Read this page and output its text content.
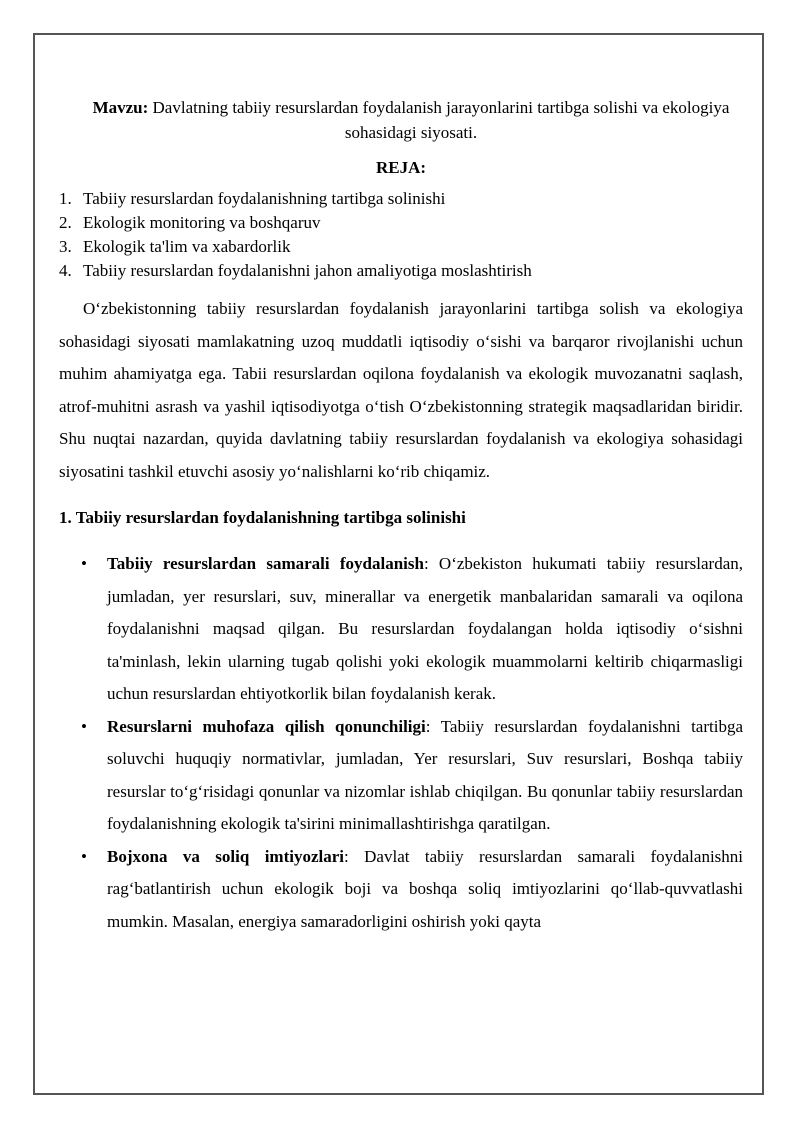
Mavzu: Davlatning tabiiy resurslardan foydalanish jarayonlarini tartibga solishi va ekologiya sohasidagi siyosati.
REJA:
1. Tabiiy resurslardan foydalanishning tartibga solinishi
2. Ekologik monitoring va boshqaruv
3. Ekologik ta'lim va xabardorlik
4. Tabiiy resurslardan foydalanishni jahon amaliyotiga moslashtirish

O‘zbekistonning tabiiy resurslardan foydalanish jarayonlarini tartibga solish va ekologiya sohasidagi siyosati mamlakatning uzoq muddatli iqtisodiy o‘sishi va barqaror rivojlanishi uchun muhim ahamiyatga ega. Tabii resurslardan oqilona foydalanish va ekologik muvozanatni saqlash, atrof-muhitni asrash va yashil iqtisodiyotga o‘tish O‘zbekistonning strategik maqsadlaridan biridir. Shu nuqtai nazardan, quyida davlatning tabiiy resurslardan foydalanish va ekologiya sohasidagi siyosatini tashkil etuvchi asosiy yo‘nalishlarni ko‘rib chiqamiz.

1. Tabiiy resurslardan foydalanishning tartibga solinishi
• Tabiiy resurslardan samarali foydalanish: O‘zbekiston hukumati tabiiy resurslardan, jumladan, yer resurslari, suv, minerallar va energetik manbalaridan samarali va oqilona foydalanishni maqsad qilgan. Bu resurslardan foydalangan holda iqtisodiy o‘sishni ta'minlash, lekin ularning tugab qolishi yoki ekologik muammolarni keltirib chiqarmasligi uchun resurslardan ehtiyotkorlik bilan foydalanish kerak.
• Resurslarni muhofaza qilish qonunchiligi: Tabiiy resurslardan foydalanishni tartibga soluvchi huquqiy normativlar, jumladan, Yer resurslari, Suv resurslari, Boshqa tabiiy resurslar to‘g‘risidagi qonunlar va nizomlar ishlab chiqilgan. Bu qonunlar tabiiy resurslardan foydalanishning ekologik ta'sirini minimallashtirishga qaratilgan.
• Bojxona va soliq imtiyozlari: Davlat tabiiy resurslardan samarali foydalanishni rag‘batlantirish uchun ekologik boji va boshqa soliq imtiyozlarini qo‘llab-quvvatlashi mumkin. Masalan, energiya samaradorligini oshirish yoki qayta
